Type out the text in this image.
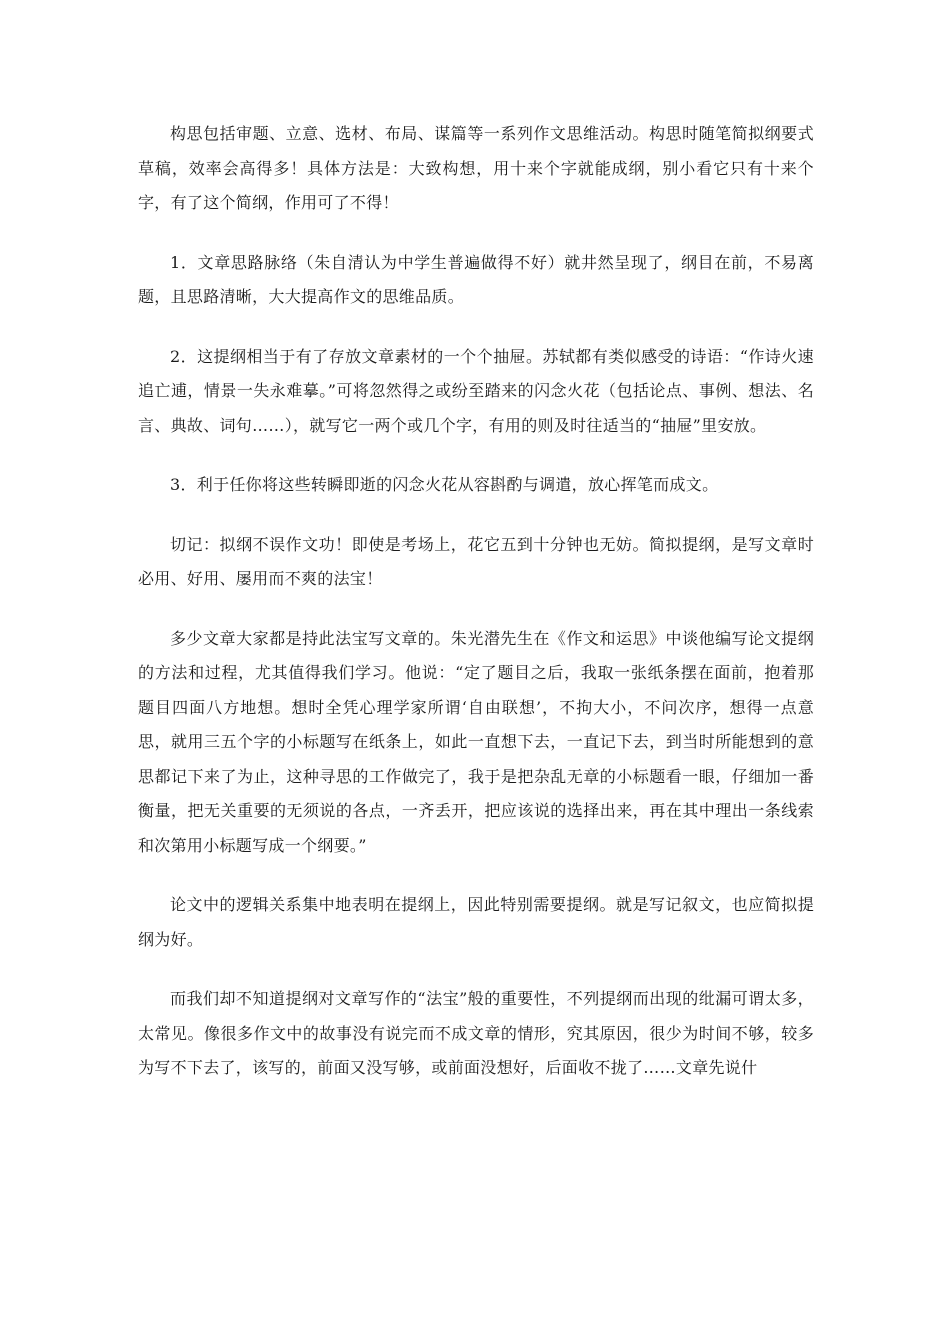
构思包括审题、立意、选材、布局、谋篇等一系列作文思维活动。构思时随笔简拟纲要式草稿，效率会高得多！具体方法是：大致构想，用十来个字就能成纲，别小看它只有十来个字，有了这个简纲，作用可了不得！

1．文章思路脉络（朱自清认为中学生普遍做得不好）就井然呈现了，纲目在前，不易离题，且思路清晰，大大提高作文的思维品质。

2．这提纲相当于有了存放文章素材的一个个抽屉。苏轼都有类似感受的诗语：“作诗火速追亡逋，情景一失永难摹。”可将忽然得之或纷至踏来的闪念火花（包括论点、事例、想法、名言、典故、词句……），就写它一两个或几个字，有用的则及时往适当的“抽屉”里安放。

3．利于任你将这些转瞬即逝的闪念火花从容斟酌与调遣，放心挥笔而成文。

切记：拟纲不误作文功！即使是考场上，花它五到十分钟也无妨。简拟提纲，是写文章时必用、好用、屡用而不爽的法宝！

多少文章大家都是持此法宝写文章的。朱光潜先生在《作文和运思》中谈他编写论文提纲的方法和过程，尤其值得我们学习。他说：“定了题目之后，我取一张纸条摆在面前，抱着那题目四面八方地想。想时全凭心理学家所谓‘自由联想’，不拘大小，不问次序，想得一点意思，就用三五个字的小标题写在纸条上，如此一直想下去，一直记下去，到当时所能想到的意思都记下来了为止，这种寻思的工作做完了，我于是把杂乱无章的小标题看一眼，仔细加一番衡量，把无关重要的无须说的各点，一齐丢开，把应该说的选择出来，再在其中理出一条线索和次第用小标题写成一个纲要。”

论文中的逻辑关系集中地表明在提纲上，因此特别需要提纲。就是写记叙文，也应简拟提纲为好。

而我们却不知道提纲对文章写作的“法宝”般的重要性，不列提纲而出现的纰漏可谓太多，太常见。像很多作文中的故事没有说完而不成文章的情形，究其原因，很少为时间不够，较多为写不下去了，该写的，前面又没写够，或前面没想好，后面收不拢了……文章先说什
